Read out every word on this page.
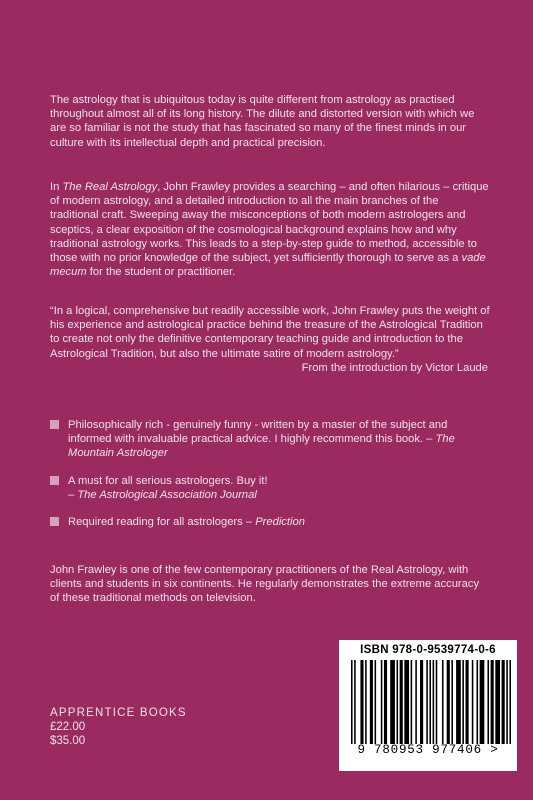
The astrology that is ubiquitous today is quite different from astrology as practised throughout almost all of its long history. The dilute and distorted version with which we are so familiar is not the study that has fascinated so many of the finest minds in our culture with its intellectual depth and practical precision.

In The Real Astrology, John Frawley provides a searching – and often hilarious – critique of modern astrology, and a detailed introduction to all the main branches of the traditional craft. Sweeping away the misconceptions of both modern astrologers and sceptics, a clear exposition of the cosmological background explains how and why traditional astrology works. This leads to a step-by-step guide to method, accessible to those with no prior knowledge of the subject, yet sufficiently thorough to serve as a vade mecum for the student or practitioner.

“In a logical, comprehensive but readily accessible work, John Frawley puts the weight of his experience and astrological practice behind the treasure of the Astrological Tradition to create not only the definitive contemporary teaching guide and introduction to the Astrological Tradition, but also the ultimate satire of modern astrology.”

From the introduction by Victor Laude

Philosophically rich - genuinely funny - written by a master of the subject and informed with invaluable practical advice. I highly recommend this book. – The Mountain Astrologer
A must for all serious astrologers. Buy it!
– The Astrological Association Journal
Required reading for all astrologers – Prediction

John Frawley is one of the few contemporary practitioners of the Real Astrology, with clients and students in six continents. He regularly demonstrates the extreme accuracy of these traditional methods on television.

APPRENTICE BOOKS
£22.00
$35.00
ISBN 978-0-9539774-0-6
9 780953 977406 >
